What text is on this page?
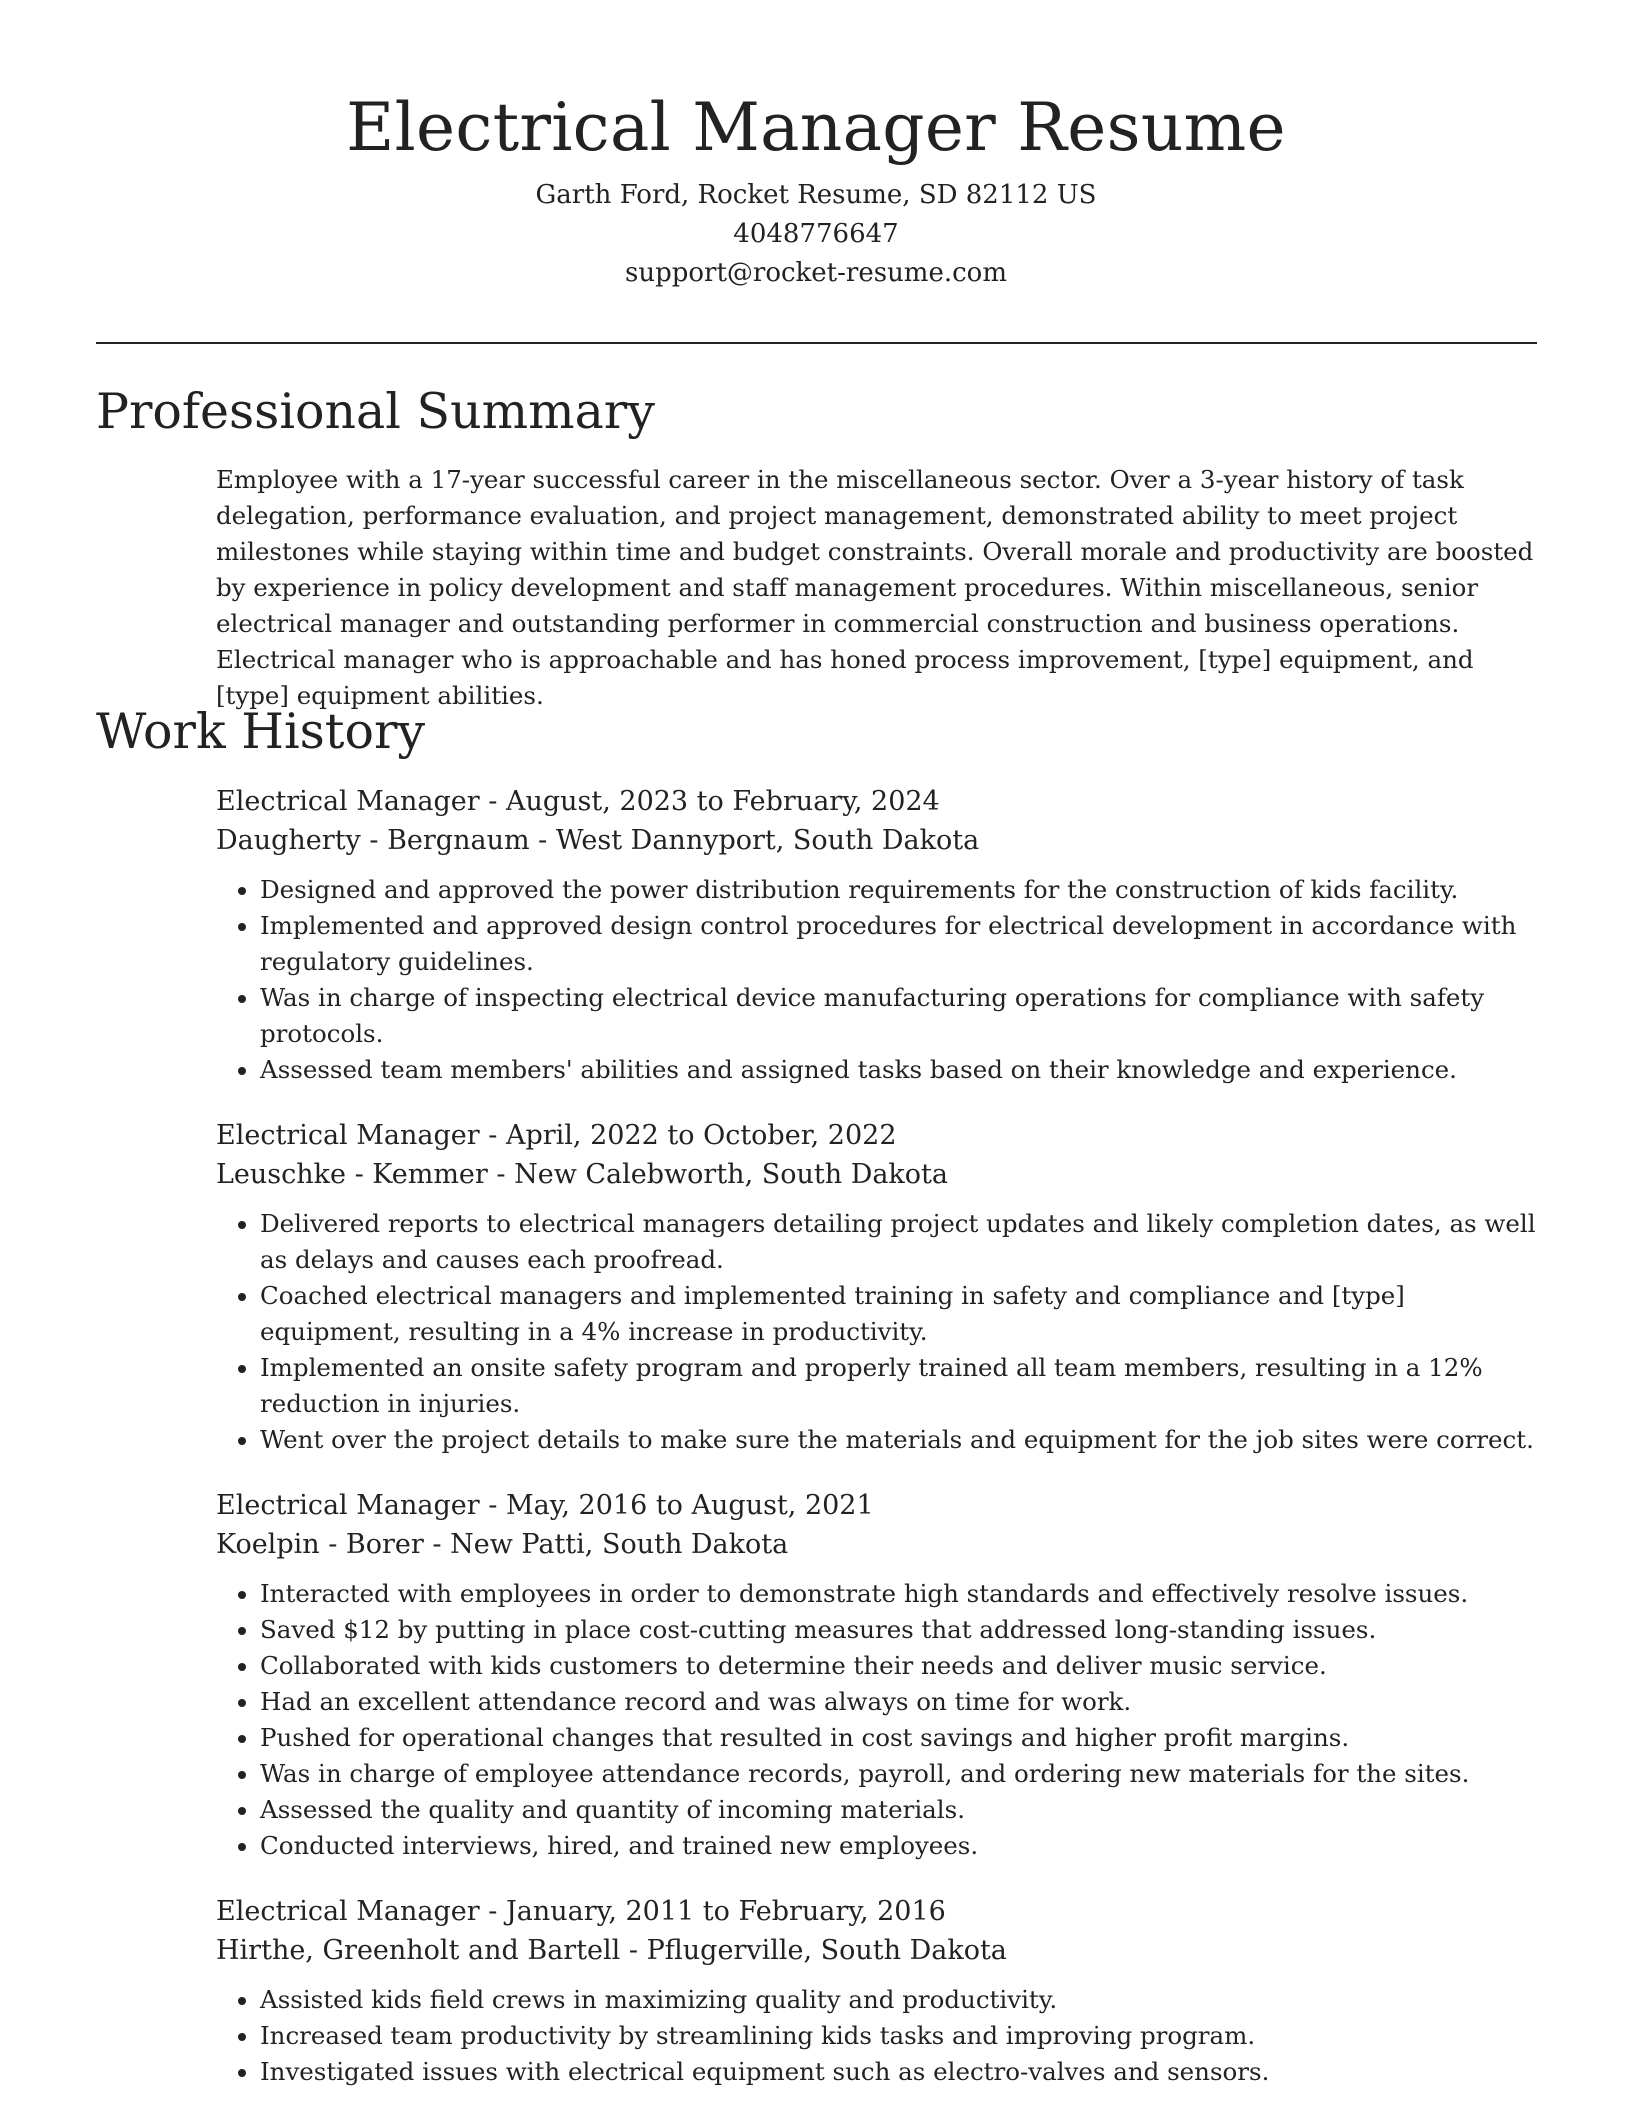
Electrical Manager Resume

Garth Ford, Rocket Resume, SD 82112 US

4048776647

support@rocket-resume.com

Professional Summary

Employee with a 17-year successful career in the miscellaneous sector. Over a 3-year history of task delegation, performance evaluation, and project management, demonstrated ability to meet project milestones while staying within time and budget constraints. Overall morale and productivity are boosted by experience in policy development and staff management procedures. Within miscellaneous, senior electrical manager and outstanding performer in commercial construction and business operations. Electrical manager who is approachable and has honed process improvement, [type] equipment, and [type] equipment abilities.

Work History

Electrical Manager - August, 2023 to February, 2024

Daugherty - Bergnaum - West Dannyport, South Dakota

• Designed and approved the power distribution requirements for the construction of kids facility.
• Implemented and approved design control procedures for electrical development in accordance with regulatory guidelines.
• Was in charge of inspecting electrical device manufacturing operations for compliance with safety protocols.
• Assessed team members' abilities and assigned tasks based on their knowledge and experience.

Electrical Manager - April, 2022 to October, 2022

Leuschke - Kemmer - New Calebworth, South Dakota

• Delivered reports to electrical managers detailing project updates and likely completion dates, as well as delays and causes each proofread.
• Coached electrical managers and implemented training in safety and compliance and [type] equipment, resulting in a 4% increase in productivity.
• Implemented an onsite safety program and properly trained all team members, resulting in a 12% reduction in injuries.
• Went over the project details to make sure the materials and equipment for the job sites were correct.

Electrical Manager - May, 2016 to August, 2021

Koelpin - Borer - New Patti, South Dakota

• Interacted with employees in order to demonstrate high standards and effectively resolve issues.
• Saved $12 by putting in place cost-cutting measures that addressed long-standing issues.
• Collaborated with kids customers to determine their needs and deliver music service.
• Had an excellent attendance record and was always on time for work.
• Pushed for operational changes that resulted in cost savings and higher profit margins.
• Was in charge of employee attendance records, payroll, and ordering new materials for the sites.
• Assessed the quality and quantity of incoming materials.
• Conducted interviews, hired, and trained new employees.

Electrical Manager - January, 2011 to February, 2016

Hirthe, Greenholt and Bartell - Pflugerville, South Dakota

• Assisted kids field crews in maximizing quality and productivity.
• Increased team productivity by streamlining kids tasks and improving program.
• Investigated issues with electrical equipment such as electro-valves and sensors.
